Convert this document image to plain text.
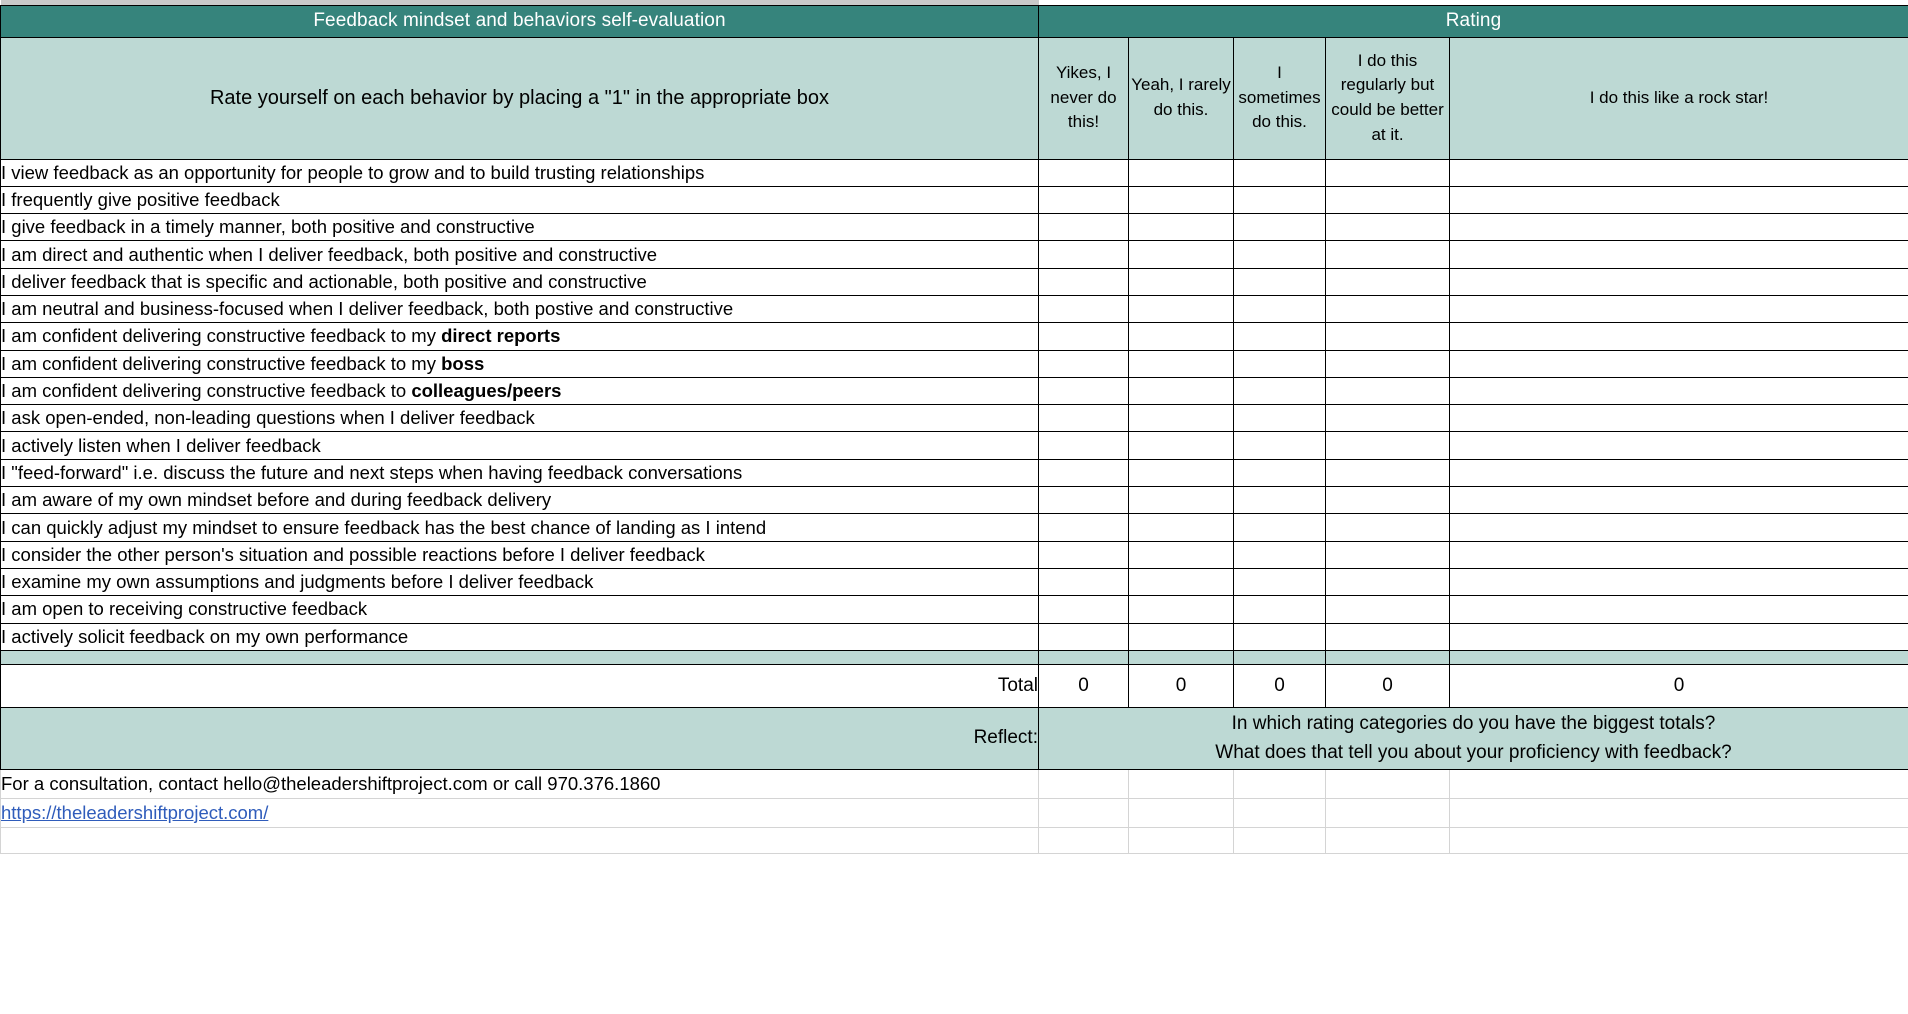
Feedback mindset and behaviors self-evaluation	Rating				
Rate yourself on each behavior by placing a "1" in the appropriate box	Yikes, I never do this!	Yeah, I rarely do this.	I sometimes do this.	I do this regularly but could be better at it.	I do this like a rock star!
I view feedback as an opportunity for people to grow and to build trusting relationships					
I frequently give positive feedback					
I give feedback in a timely manner, both positive and constructive					
I am direct and authentic when I deliver feedback, both positive and constructive					
I deliver feedback that is specific and actionable, both positive and constructive					
I am neutral and business-focused when I deliver feedback, both postive and constructive					
I am confident delivering constructive feedback to my direct reports					
I am confident delivering constructive feedback to my boss					
I am confident delivering constructive feedback to colleagues/peers					
I ask open-ended, non-leading questions when I deliver feedback					
I actively listen when I deliver feedback					
I "feed-forward" i.e. discuss the future and next steps when having feedback conversations					
I am aware of my own mindset before and during feedback delivery					
I can quickly adjust my mindset to ensure feedback has the best chance of landing as I intend					
I consider the other person's situation and possible reactions before I deliver feedback					
I examine my own assumptions and judgments before I deliver feedback					
I am open to receiving constructive feedback					
I actively solicit feedback on my own performance					

Total	0	0	0	0	0
Reflect:	In which rating categories do you have the biggest totals?
What does that tell you about your proficiency with feedback?				

For a consultation, contact hello@theleadershiftproject.com or call 970.376.1860					
https://theleadershiftproject.com/					
